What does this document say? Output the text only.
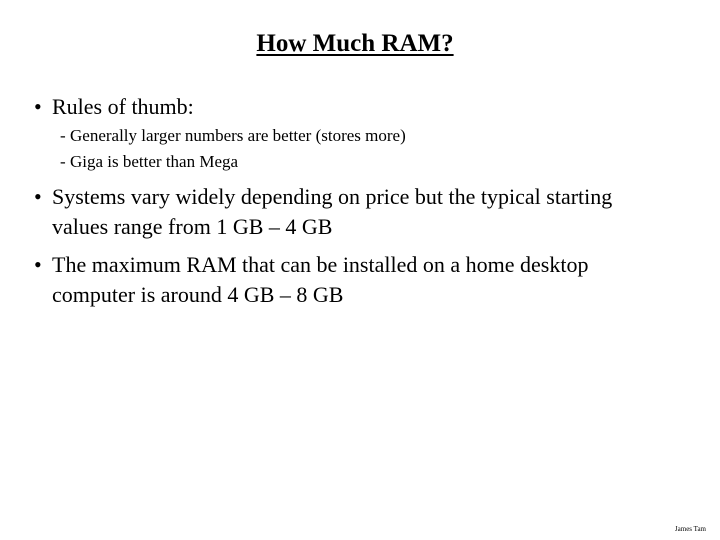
How Much RAM?
• Rules of thumb:
- Generally larger numbers are better (stores more)
- Giga is better than Mega
• Systems vary widely depending on price but the typical starting
values range from 1 GB – 4 GB
• The maximum RAM that can be installed on a home desktop
computer is around 4 GB – 8 GB
James Tam
